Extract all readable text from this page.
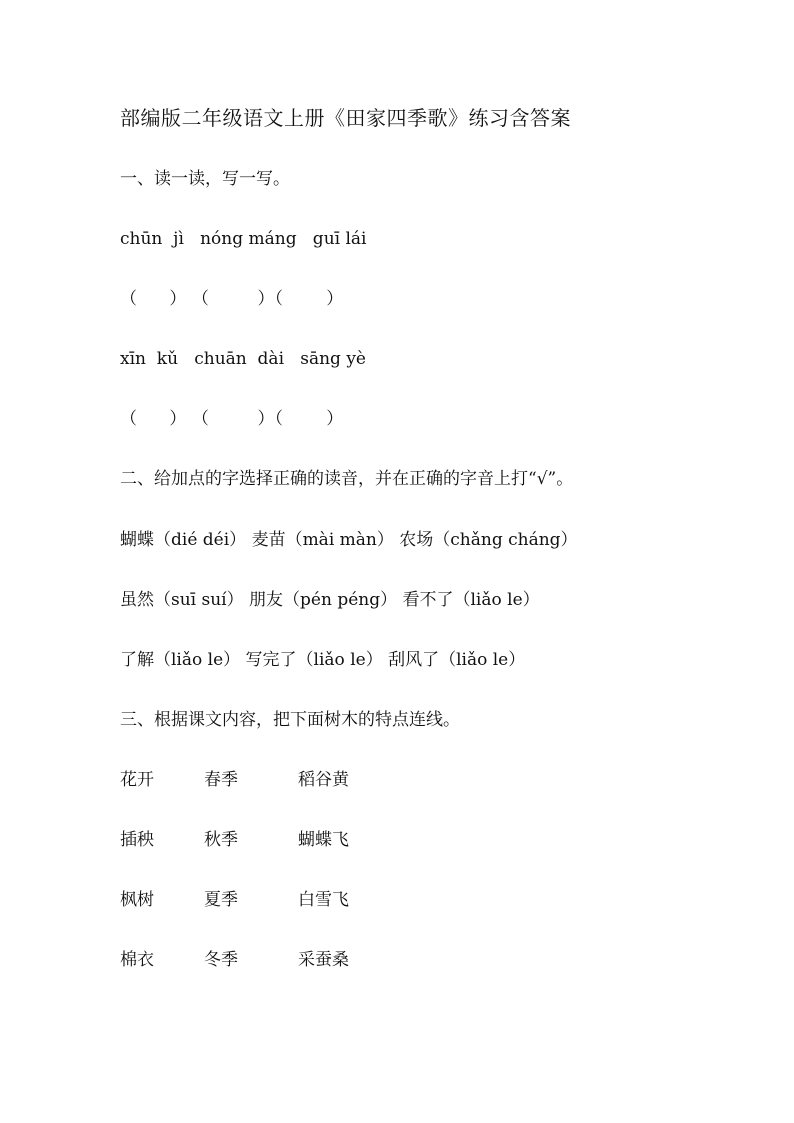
部编版二年级语文上册《田家四季歌》练习含答案
一、读一读，写一写。
chūn  jì   nóng máng   guī lái
（      ） （         ）（        ）
xīn  kǔ   chuān  dài   sāng yè
（      ） （         ）（        ）
二、给加点的字选择正确的读音，并在正确的字音上打“√”。
蝴蝶（dié déi） 麦苗（mài màn） 农场（chǎng cháng）
虽然（suī suí） 朋友（pén péng） 看不了（liǎo le）
了解（liǎo le） 写完了（liǎo le） 刮风了（liǎo le）
三、根据课文内容，把下面树木的特点连线。
花开	春季	稻谷黄
插秧	秋季	蝴蝶飞
枫树	夏季	白雪飞
棉衣	冬季	采蚕桑
